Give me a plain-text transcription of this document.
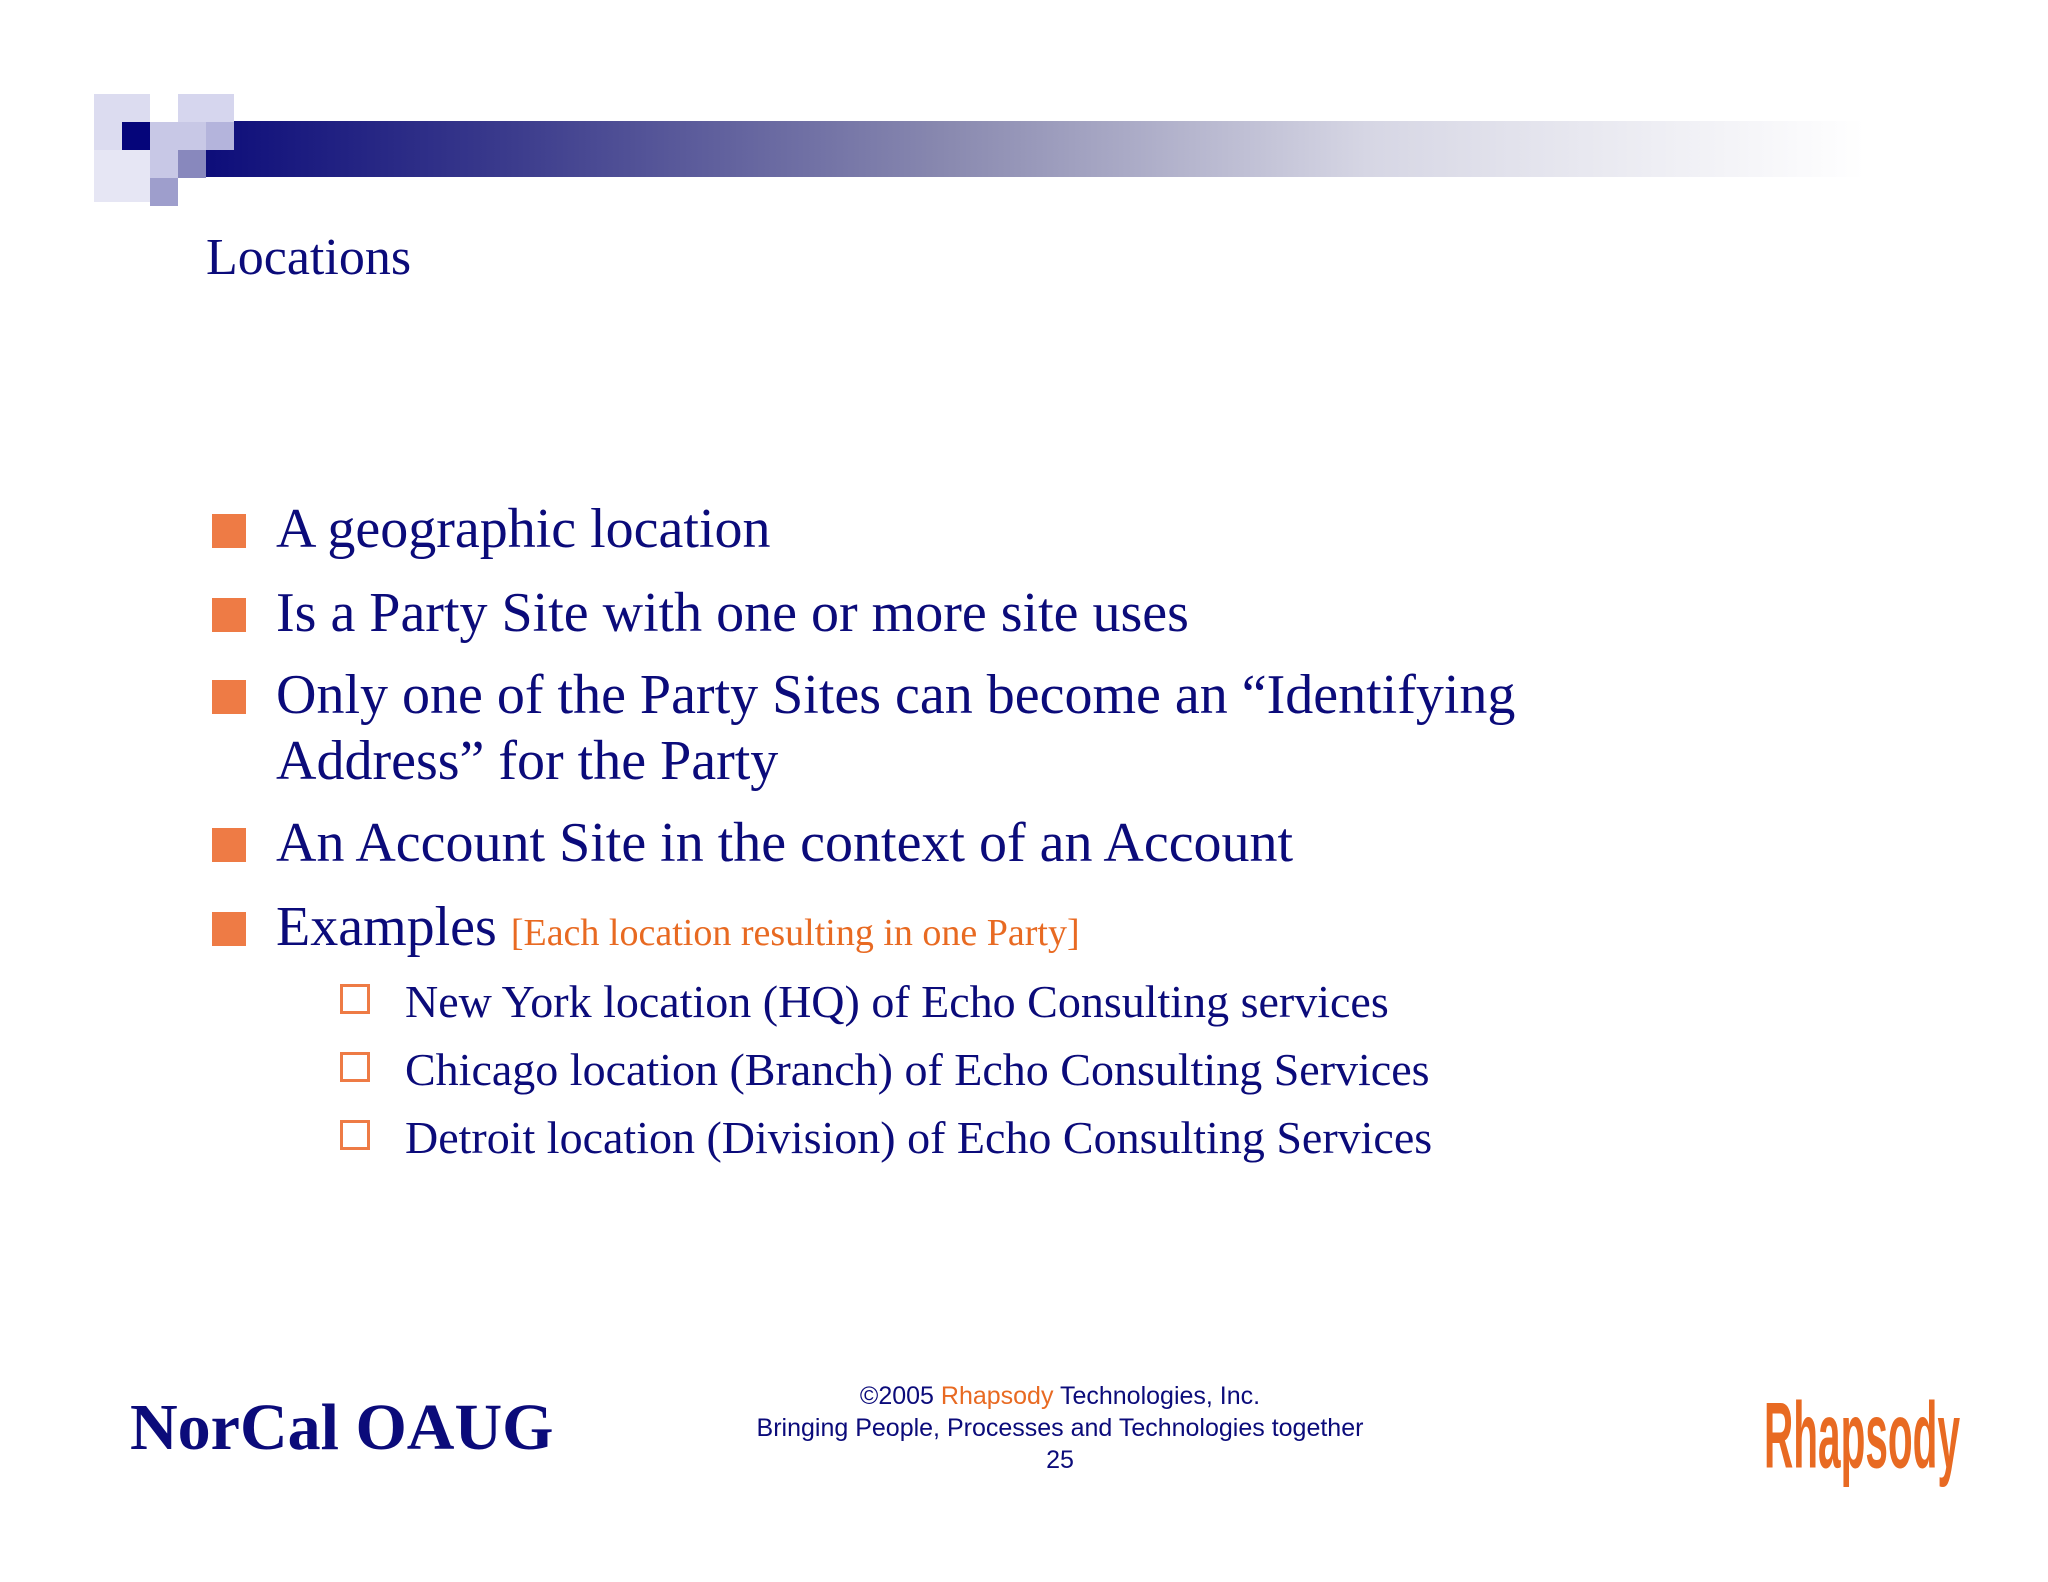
Locations
A geographic location
Is a Party Site with one or more site uses
Only one of the Party Sites can become an “Identifying Address” for the Party
An Account Site in the context of an Account
Examples [Each location resulting in one Party]
New York location (HQ) of Echo Consulting services
Chicago location (Branch) of Echo Consulting Services
Detroit location (Division) of Echo Consulting Services
NorCal OAUG	©2005 Rhapsody Technologies, Inc.
Bringing People, Processes and Technologies together
25	Rhapsody
